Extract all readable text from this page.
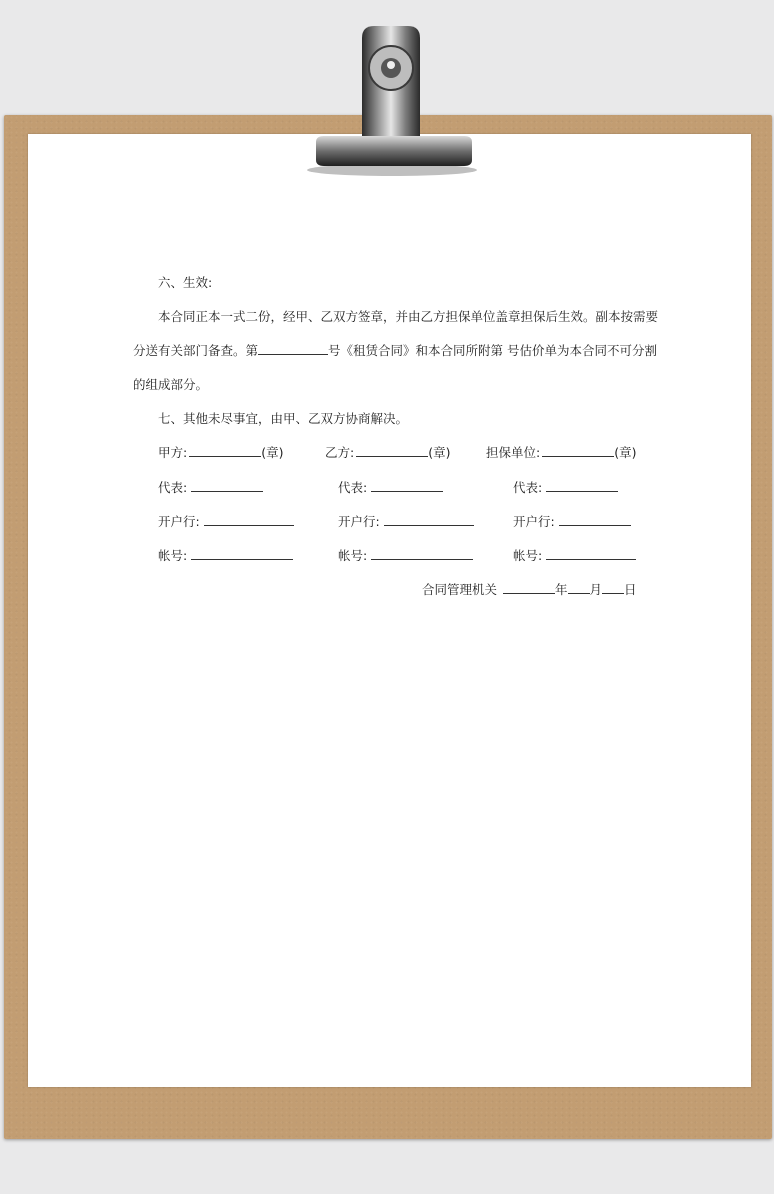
六、生效:
本合同正本一式二份，经甲、乙双方签章，并由乙方担保单位盖章担保后生效。副本按需要
分送有关部门备查。第	号《租赁合同》和本合同所附第 号估价单为本合同不可分割
的组成部分。
七、其他未尽事宜，由甲、乙双方协商解决。
甲方:	(章)	乙方:	(章)	担保单位:	(章)
代表:	代表:	代表:
开户行:	开户行:	开户行:
帐号:	帐号:	帐号:
合同管理机关	年 月 日
